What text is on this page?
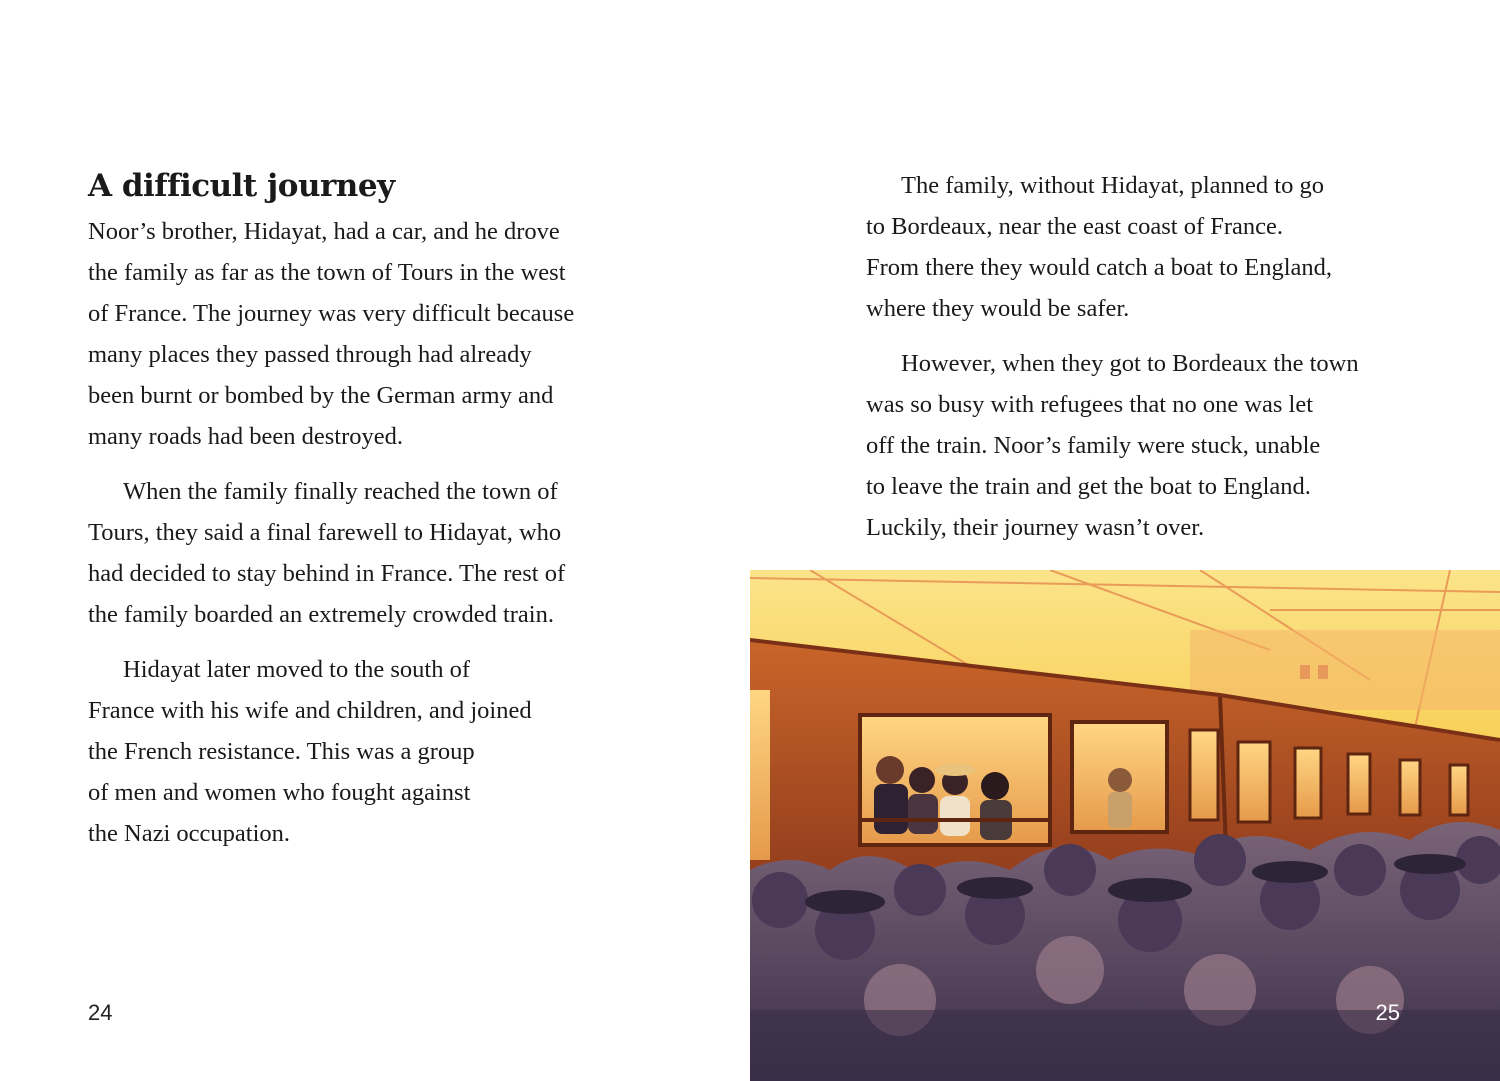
A difficult journey

Noor’s brother, Hidayat, had a car, and he drove
the family as far as the town of Tours in the west
of France. The journey was very difficult because
many places they passed through had already
been burnt or bombed by the German army and
many roads had been destroyed.

When the family finally reached the town of
Tours, they said a final farewell to Hidayat, who
had decided to stay behind in France. The rest of
the family boarded an extremely crowded train.

Hidayat later moved to the south of
France with his wife and children, and joined
the French resistance. This was a group
of men and women who fought against
the Nazi occupation.

24

The family, without Hidayat, planned to go
to Bordeaux, near the east coast of France.
From there they would catch a boat to England,
where they would be safer.

However, when they got to Bordeaux the town
was so busy with refugees that no one was let
off the train. Noor’s family were stuck, unable
to leave the train and get the boat to England.
Luckily, their journey wasn’t over.

25
